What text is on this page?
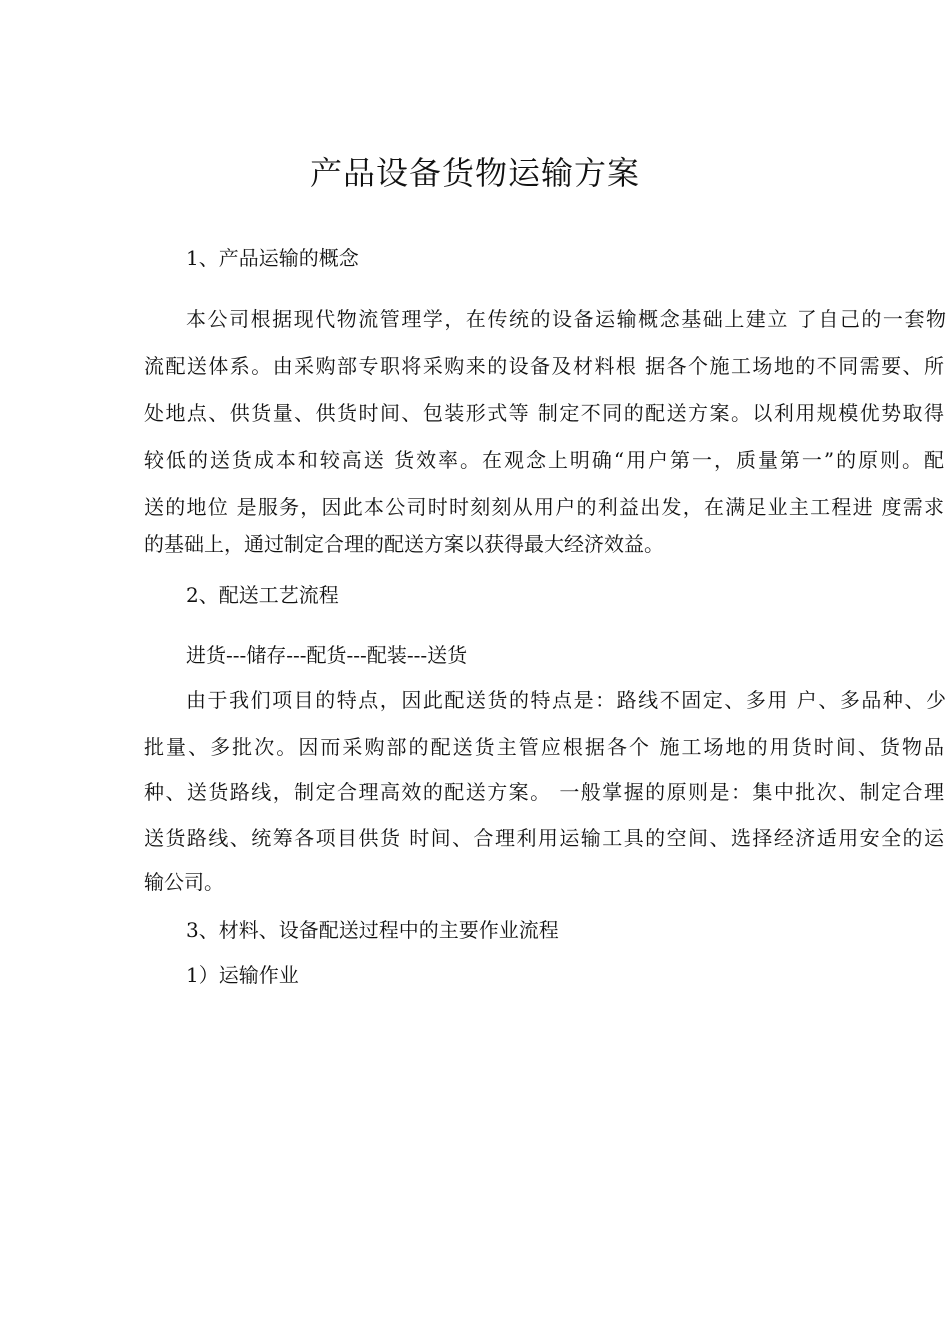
产品设备货物运输方案
1、产品运输的概念
本公司根据现代物流管理学，在传统的设备运输概念基础上建立 了自己的一套物
流配送体系。由采购部专职将采购来的设备及材料根 据各个施工场地的不同需要、所
处地点、供货量、供货时间、包装形式等 制定不同的配送方案。以利用规模优势取得
较低的送货成本和较高送 货效率。在观念上明确“用户第一，质量第一”的原则。配
送的地位 是服务，因此本公司时时刻刻从用户的利益出发，在满足业主工程进 度需求
的基础上，通过制定合理的配送方案以获得最大经济效益。
2、配送工艺流程
进货---储存---配货---配装---送货
由于我们项目的特点，因此配送货的特点是：路线不固定、多用 户、多品种、少
批量、多批次。因而采购部的配送货主管应根据各个 施工场地的用货时间、货物品
种、送货路线，制定合理高效的配送方案。 一般掌握的原则是：集中批次、制定合理
送货路线、统筹各项目供货 时间、合理利用运输工具的空间、选择经济适用安全的运
输公司。
3、材料、设备配送过程中的主要作业流程
1）运输作业
